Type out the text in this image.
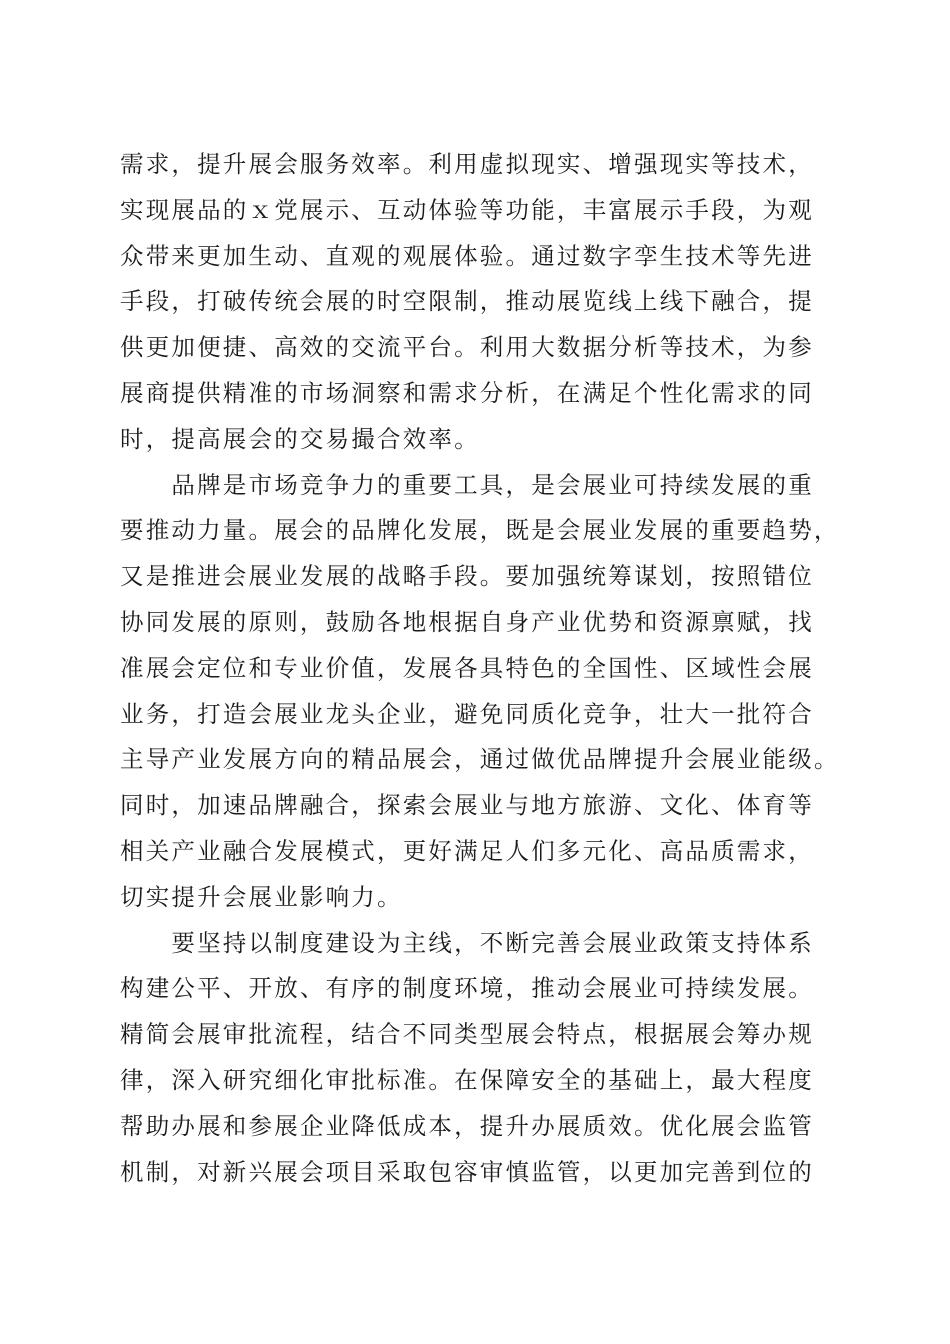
需求，提升展会服务效率。利用虚拟现实、增强现实等技术，
实现展品的ｘ党展示、互动体验等功能，丰富展示手段，为观
众带来更加生动、直观的观展体验。通过数字孪生技术等先进
手段，打破传统会展的时空限制，推动展览线上线下融合，提
供更加便捷、高效的交流平台。利用大数据分析等技术，为参
展商提供精准的市场洞察和需求分析，在满足个性化需求的同
时，提高展会的交易撮合效率。
　　品牌是市场竞争力的重要工具，是会展业可持续发展的重
要推动力量。展会的品牌化发展，既是会展业发展的重要趋势，
又是推进会展业发展的战略手段。要加强统筹谋划，按照错位
协同发展的原则，鼓励各地根据自身产业优势和资源禀赋，找
准展会定位和专业价值，发展各具特色的全国性、区域性会展
业务，打造会展业龙头企业，避免同质化竞争，壮大一批符合
主导产业发展方向的精品展会，通过做优品牌提升会展业能级。
同时，加速品牌融合，探索会展业与地方旅游、文化、体育等
相关产业融合发展模式，更好满足人们多元化、高品质需求，
切实提升会展业影响力。
　　要坚持以制度建设为主线，不断完善会展业政策支持体系
构建公平、开放、有序的制度环境，推动会展业可持续发展。
精简会展审批流程，结合不同类型展会特点，根据展会筹办规
律，深入研究细化审批标准。在保障安全的基础上，最大程度
帮助办展和参展企业降低成本，提升办展质效。优化展会监管
机制，对新兴展会项目采取包容审慎监管，以更加完善到位的
